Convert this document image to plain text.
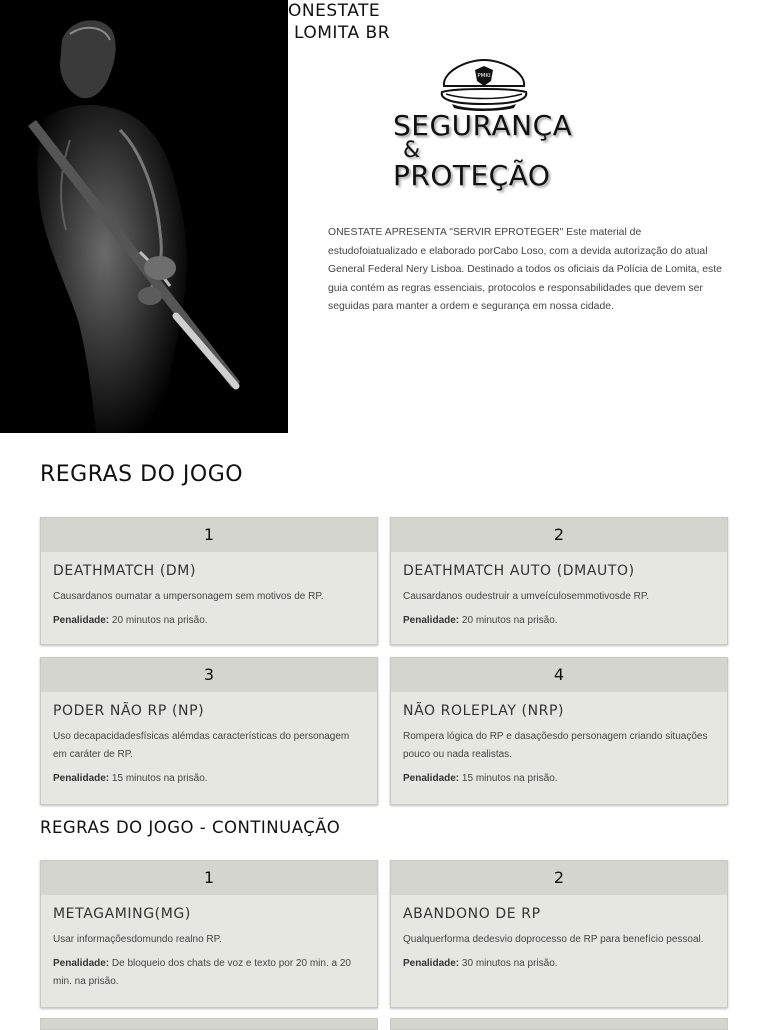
ONESTATE
LOMITA BR
PMKI
SEGURANÇA
&
PROTEÇÃO

ONESTATE APRESENTA "SERVIR EPROTEGER" Este material de estudofoiatualizado e elaborado porCabo Loso, com a devida autorização do atual General Federal Nery Lisboa. Destinado a todos os oficiais da Polícia de Lomita, este guia contém as regras essenciais, protocolos e responsabilidades que devem ser seguidas para manter a ordem e segurança em nossa cidade.

REGRAS DO JOGO
1
DEATHMATCH (DM)

Causardanos oumatar a umpersonagem sem motivos de RP.

Penalidade: 20 minutos na prisão.

2
DEATHMATCH AUTO (DMAUTO)

Causardanos oudestruir a umveículosemmotivosde RP.

Penalidade: 20 minutos na prisão.

3
PODER NÃO RP (NP)

Uso decapacidadesfísicas alémdas características do personagem em caráter de RP.

Penalidade: 15 minutos na prisão.

4
NÃO ROLEPLAY (NRP)

Rompera lógica do RP e dasaçõesdo personagem criando situações pouco ou nada realistas.

Penalidade: 15 minutos na prisão.

REGRAS DO JOGO - CONTINUAÇÃO
1
METAGAMING(MG)

Usar informaçõesdomundo realno RP.

Penalidade: De bloqueio dos chats de voz e texto por 20 min. a 20 min. na prisão.

2
ABANDONO DE RP

Qualquerforma dedesvio doprocesso de RP para benefício pessoal.

Penalidade: 30 minutos na prisão.
